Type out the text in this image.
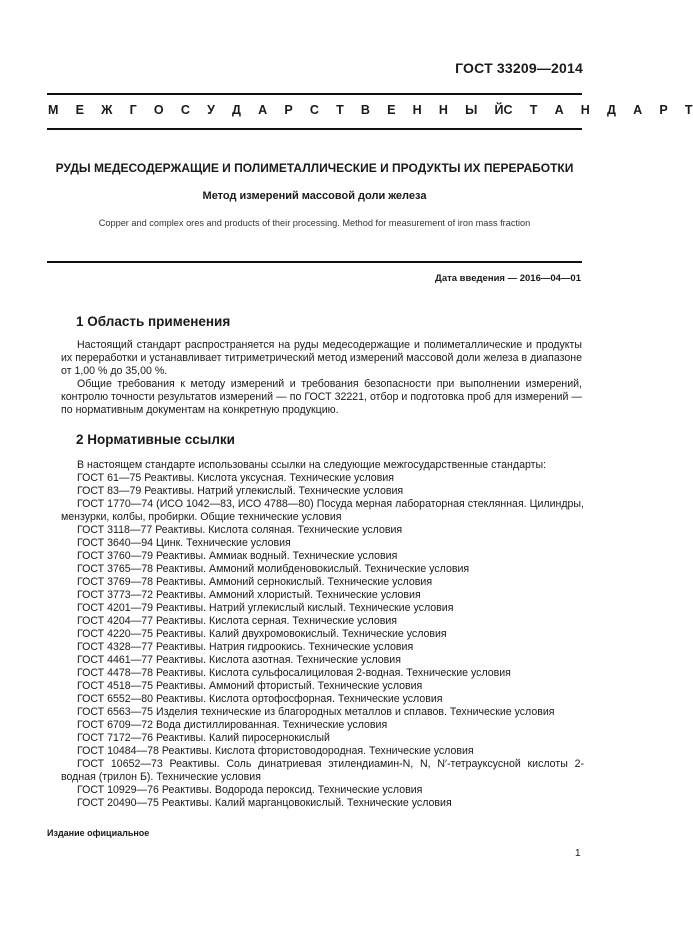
ГОСТ 33209—2014
М Е Ж Г О С У Д А Р С Т В Е Н Н Ы Й С Т А Н Д А Р Т
РУДЫ МЕДЕСОДЕРЖАЩИЕ И ПОЛИМЕТАЛЛИЧЕСКИЕ И ПРОДУКТЫ ИХ ПЕРЕРАБОТКИ
Метод измерений массовой доли железа
Copper and complex ores and products of their processing. Method for measurement of iron mass fraction
Дата введения — 2016—04—01
1 Область применения

Настоящий стандарт распространяется на руды медесодержащие и полиметаллические и продукты их переработки и устанавливает титриметрический метод измерений массовой доли железа в диапазоне от 1,00 % до 35,00 %.

Общие требования к методу измерений и требования безопасности при выполнении измерений, контролю точности результатов измерений — по ГОСТ 32221, отбор и подготовка проб для измерений — по нормативным документам на конкретную продукцию.

2 Нормативные ссылки
В настоящем стандарте использованы ссылки на следующие межгосударственные стандарты:
ГОСТ 61—75 Реактивы. Кислота уксусная. Технические условия
ГОСТ 83—79 Реактивы. Натрий углекислый. Технические условия
ГОСТ 1770—74 (ИСО 1042—83, ИСО 4788—80) Посуда мерная лабораторная стеклянная. Цилиндры, мензурки, колбы, пробирки. Общие технические условия
ГОСТ 3118—77 Реактивы. Кислота соляная. Технические условия
ГОСТ 3640—94 Цинк. Технические условия
ГОСТ 3760—79 Реактивы. Аммиак водный. Технические условия
ГОСТ 3765—78 Реактивы. Аммоний молибденовокислый. Технические условия
ГОСТ 3769—78 Реактивы. Аммоний сернокислый. Технические условия
ГОСТ 3773—72 Реактивы. Аммоний хлористый. Технические условия
ГОСТ 4201—79 Реактивы. Натрий углекислый кислый. Технические условия
ГОСТ 4204—77 Реактивы. Кислота серная. Технические условия
ГОСТ 4220—75 Реактивы. Калий двухромовокислый. Технические условия
ГОСТ 4328—77 Реактивы. Натрия гидроокись. Технические условия
ГОСТ 4461—77 Реактивы. Кислота азотная. Технические условия
ГОСТ 4478—78 Реактивы. Кислота сульфосалициловая 2-водная. Технические условия
ГОСТ 4518—75 Реактивы. Аммоний фтористый. Технические условия
ГОСТ 6552—80 Реактивы. Кислота ортофосфорная. Технические условия
ГОСТ 6563—75 Изделия технические из благородных металлов и сплавов. Технические условия
ГОСТ 6709—72 Вода дистиллированная. Технические условия
ГОСТ 7172—76 Реактивы. Калий пиросернокислый
ГОСТ 10484—78 Реактивы. Кислота фтористоводородная. Технические условия
ГОСТ 10652—73 Реактивы. Соль динатриевая этилендиамин-N, N, N′-тетрауксусной кислоты 2-водная (трилон Б). Технические условия
ГОСТ 10929—76 Реактивы. Водорода пероксид. Технические условия
ГОСТ 20490—75 Реактивы. Калий марганцовокислый. Технические условия
Издание официальное
1
